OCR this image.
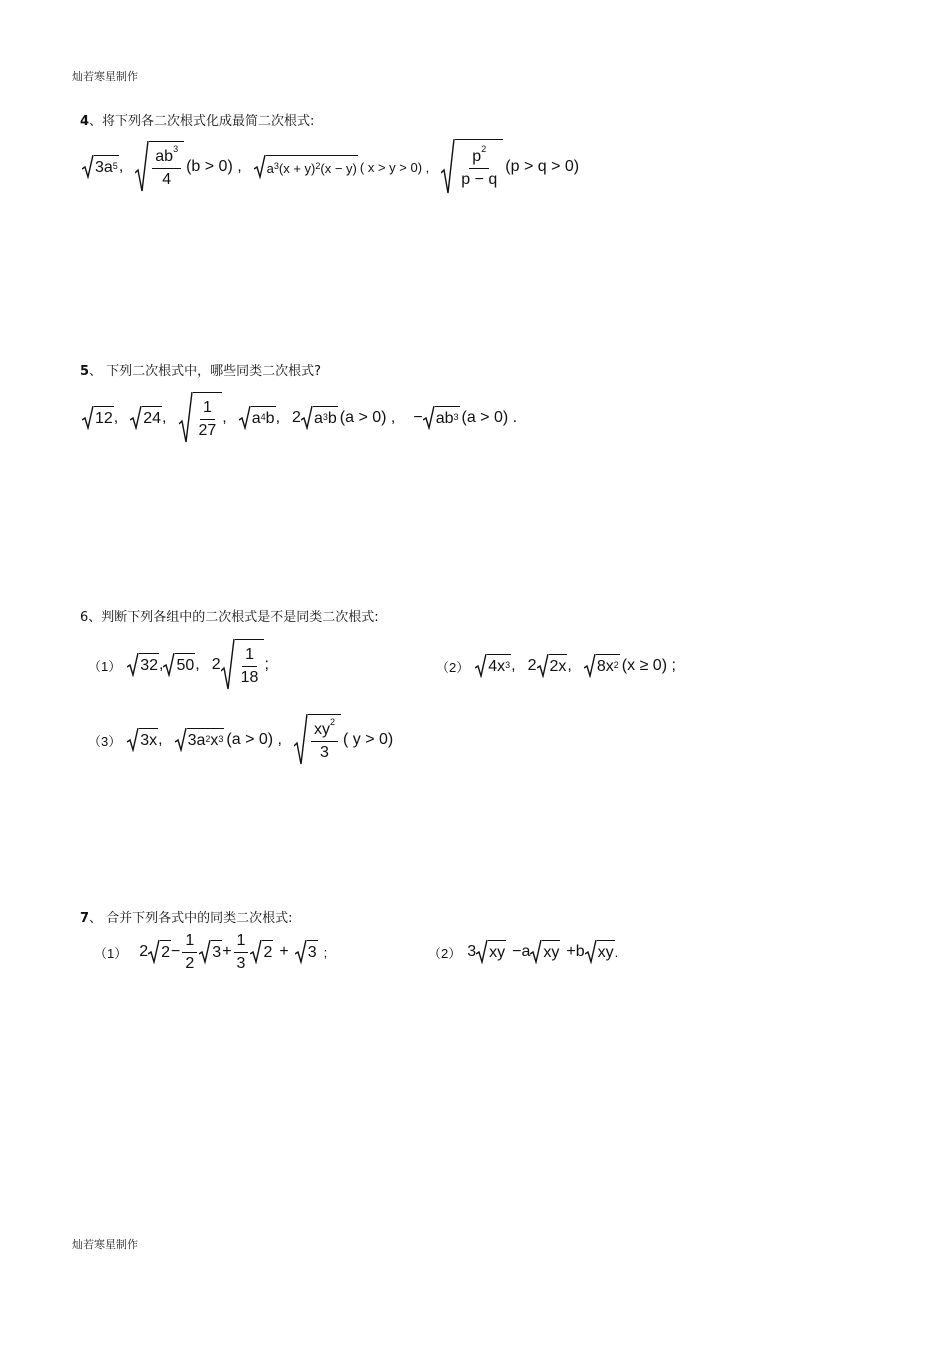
灿若寒星制作
灿若寒星制作
4、将下列各二次根式化成最简二次根式:
$3a^5$ , $\frac{ab^3}{4} (b > 0)$ , $a^3$ $(x + y)^2$ (x − y) ( x > y > 0) , $\frac{p^2}{p - q} (p > q > 0)$
5、 下列二次根式中，哪些同类二次根式?
12 , 24 , $\frac{1}{27}$ , $a^4$ b , 2 $a^3$ b (a > 0) , − $ab^3$ (a > 0) .
6、判断下列各组中的二次根式是不是同类二次根式:
（1） 32 , 50 , $2 \frac{1}{18}$ ;	（2） $4x^3$ , 2 2x , $8x^2$ (x ≥ 0) ;
（3） 3x , $3a^2$ $x^3$ (a > 0) , $\frac{xy^2}{3}$ ( y > 0)
7、 合并下列各式中的同类二次根式:
（1） 2 $2 - \frac{1}{2} 3 + \frac{1}{3} 2 + 3$ ;	（2） 3 xy −a xy + b xy .
